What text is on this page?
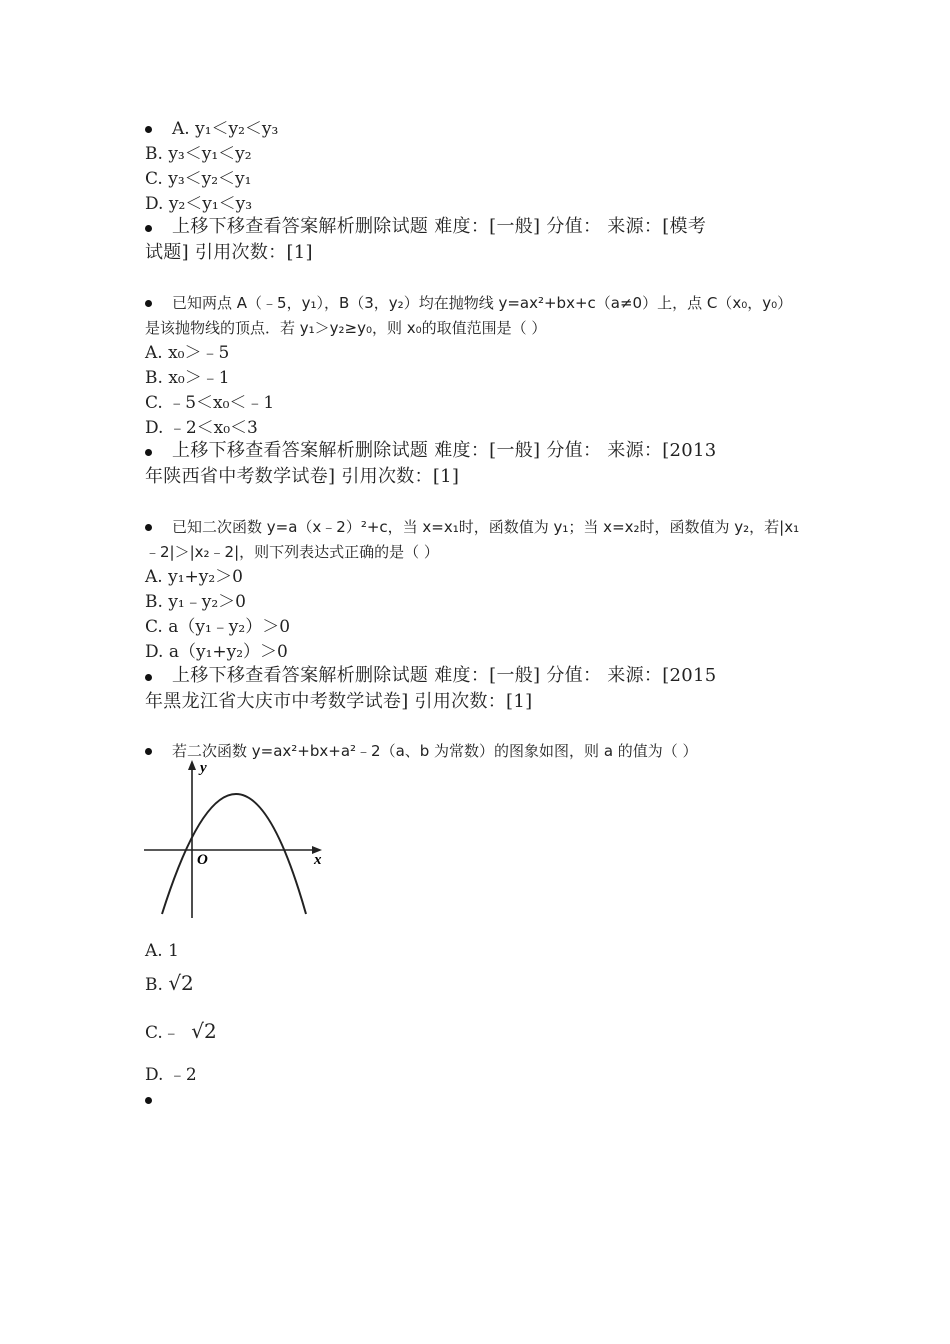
A. y₁＜y₂＜y₃
B. y₃＜y₁＜y₂
C. y₃＜y₂＜y₁
D. y₂＜y₁＜y₃
上移下移查看答案解析删除试题 难度：[一般] 分值： 来源：[模考
试题] 引用次数：[1]
已知两点 A（﹣5，y₁），B（3，y₂）均在抛物线 y=ax²+bx+c（a≠0）上，点 C（x₀，y₀）
是该抛物线的顶点．若 y₁＞y₂≥y₀，则 x₀的取值范围是（ ）
A. x₀＞﹣5
B. x₀＞﹣1
C. ﹣5＜x₀＜﹣1
D. ﹣2＜x₀＜3
上移下移查看答案解析删除试题 难度：[一般] 分值： 来源：[2013
年陕西省中考数学试卷] 引用次数：[1]
已知二次函数 y=a（x﹣2）²+c，当 x=x₁时，函数值为 y₁；当 x=x₂时，函数值为 y₂，若|x₁
﹣2|＞|x₂﹣2|，则下列表达式正确的是（ ）
A. y₁+y₂＞0
B. y₁﹣y₂＞0
C. a（y₁﹣y₂）＞0
D. a（y₁+y₂）＞0
上移下移查看答案解析删除试题 难度：[一般] 分值： 来源：[2015
年黑龙江省大庆市中考数学试卷] 引用次数：[1]
若二次函数 y=ax²+bx+a²﹣2（a、b 为常数）的图象如图，则 a 的值为（ ）
y
x
O
A. 1
B. √2
C.﹣ √2
D. ﹣2
